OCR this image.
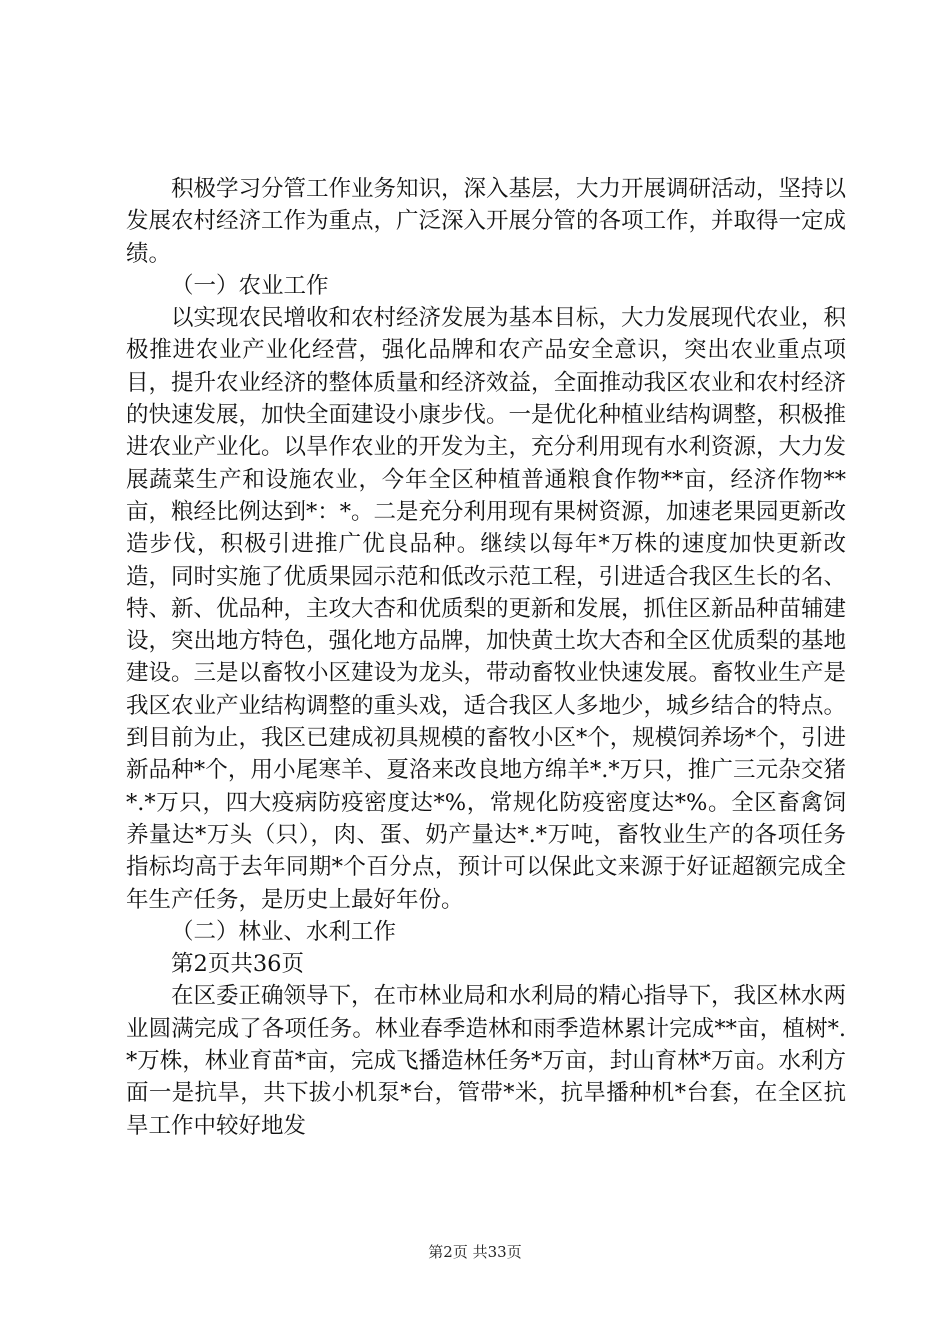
积极学习分管工作业务知识，深入基层，大力开展调研活动，坚持以发展农村经济工作为重点，广泛深入开展分管的各项工作，并取得一定成绩。

（一）农业工作

以实现农民增收和农村经济发展为基本目标，大力发展现代农业，积极推进农业产业化经营，强化品牌和农产品安全意识，突出农业重点项目，提升农业经济的整体质量和经济效益，全面推动我区农业和农村经济的快速发展，加快全面建设小康步伐。一是优化种植业结构调整，积极推进农业产业化。以旱作农业的开发为主，充分利用现有水利资源，大力发展蔬菜生产和设施农业，今年全区种植普通粮食作物**亩，经济作物**亩，粮经比例达到*：*。二是充分利用现有果树资源，加速老果园更新改造步伐，积极引进推广优良品种。继续以每年*万株的速度加快更新改造，同时实施了优质果园示范和低改示范工程，引进适合我区生长的名、特、新、优品种，主攻大杏和优质梨的更新和发展，抓住区新品种苗辅建设，突出地方特色，强化地方品牌，加快黄土坎大杏和全区优质梨的基地建设。三是以畜牧小区建设为龙头，带动畜牧业快速发展。畜牧业生产是我区农业产业结构调整的重头戏，适合我区人多地少，城乡结合的特点。到目前为止，我区已建成初具规模的畜牧小区*个，规模饲养场*个，引进新品种*个，用小尾寒羊、夏洛来改良地方绵羊*.*万只，推广三元杂交猪*.*万只，四大疫病防疫密度达*%，常规化防疫密度达*%。全区畜禽饲养量达*万头（只），肉、蛋、奶产量达*.*万吨，畜牧业生产的各项任务指标均高于去年同期*个百分点，预计可以保此文来源于好证超额完成全年生产任务，是历史上最好年份。

（二）林业、水利工作

第2页共36页

在区委正确领导下，在市林业局和水利局的精心指导下，我区林水两业圆满完成了各项任务。林业春季造林和雨季造林累计完成**亩，植树*.*万株，林业育苗*亩，完成飞播造林任务*万亩，封山育林*万亩。水利方面一是抗旱，共下拔小机泵*台，管带*米，抗旱播种机*台套，在全区抗旱工作中较好地发

第2页 共33页
